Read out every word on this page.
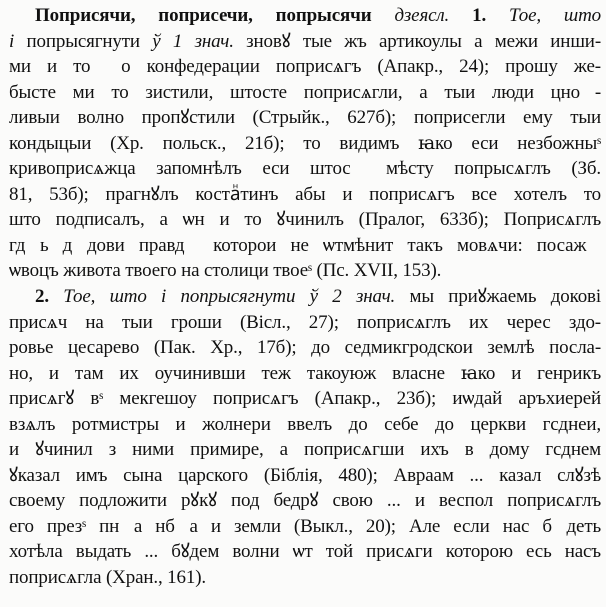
Поприсячи, поприсечи, попрысячи дзеясл. 1. Тое, што
і попрысягнути ў 1 знач. зновꙋ тые жъ артикоулы а межи инши-
ми и тоⷨ о конфедерации поприсѧгъ (Апакр., 24); прошу же-
бысте ми то зистили, штосте поприсѧгли, а тыи люди цноⷮ-
ливыи волно пропꙋстили (Стрыйк., 627б); поприсегли ему тыи
кондыцыи (Хр. польск., 21б); то видимъ ꙗко еси незбожныˢ
кривоприсѧжца запомнѣлъ еси штосᷓ мѣсту попрысѧглъ (Зб.
81, 53б); прагнꙋлъ костаⷩтинъ абы и поприсѧгъ все хотелъ то
што подписалъ, а ѡн и то ꙋчинилъ (Пралог, 633б); Поприсѧглъ
гдⷭь дⷣдови правдꙋ которои не ѡтмѣнит такъ мовѧчи: посажꙋ
ѡвоцъ живота твоего на столици твоеˢ (Пс. XVII, 153).
2. Тое, што і попрысягнути ў 2 знач. мы приꙋжаемь докові
присѧч на тыи гроши (Віcл., 27); поприсѧглъ их черес здо-
ровье цесарево (Пак. Хр., 17б); до седмикгродскои землѣ посла-
но, и там их оучинивши теж такоуюж власне ꙗко и генрикъ
присѧгꙋ вˢ мекгешоу поприсѧгъ (Апакр., 23б); иѡдай аръхиерей
взѧлъ ротмистры и жолнери ввелъ до себе до церкви гсднеи,
и ꙋчинил з ними примире, а поприсѧгши ихъ в дому гсднем
ꙋказал имъ сына царского (Біблія, 480); Авраам ... казал слꙋзѣ
своему подложити рꙋкꙋ под бедрꙋ свою ... и веспол поприсѧглъ
его презˢ пнⷭа нбⷭа и земли (Выкл., 20); Але если нас бꙋдеть
хотѣла выдать ... бꙋдем волни ѡт той присѧги которою есь насъ
поприсѧгла (Хран., 161).
